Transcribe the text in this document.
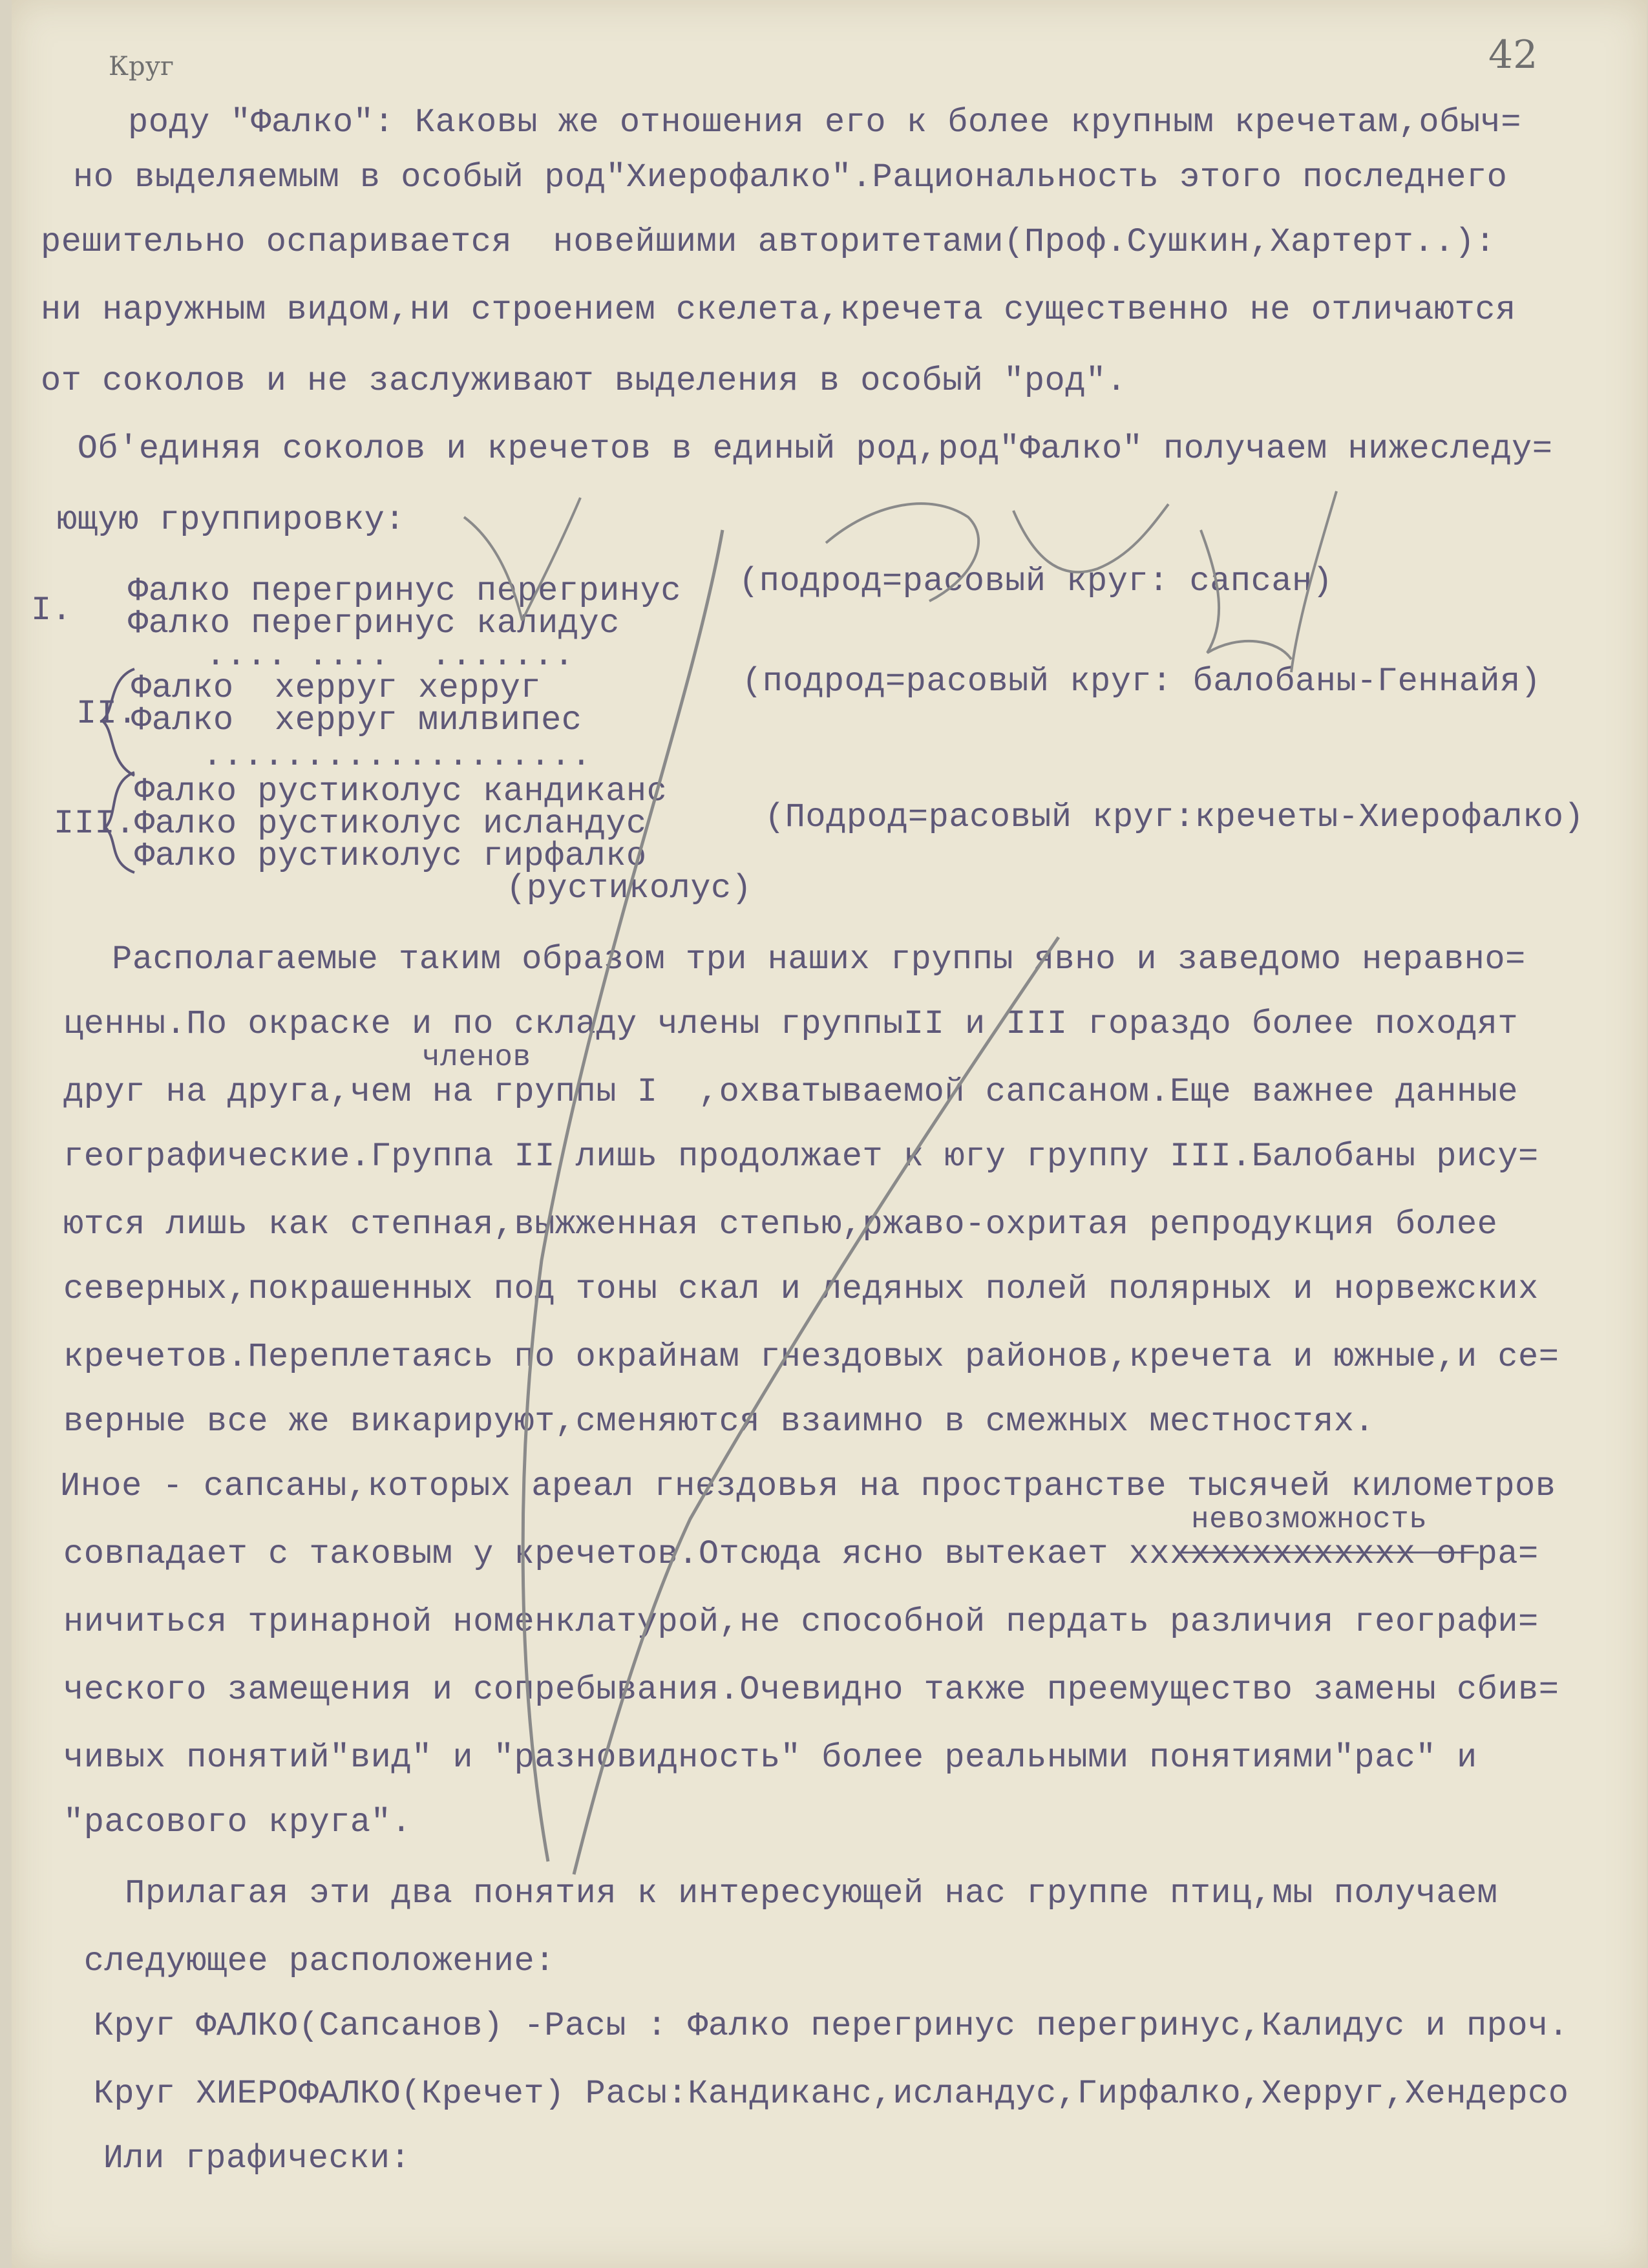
Круг	42
роду "Фалко": Каковы же отношения его к более крупным кречетам,обыч=
но выделяемым в особый род"Хиерофалко".Рациональность этого последнего
решительно оспаривается  новейшими авторитетами(Проф.Сушкин,Хартерт..):
ни наружным видом,ни строением скелета,кречета существенно не отличаются
от соколов и не заслуживают выделения в особый "род".
Об'единяя соколов и кречетов в единый род,род"Фалко" получаем нижеследу=
ющую группировку:
I.
Фалко перегринус перегринус
Фалко перегринус калидус
.... ....  .......
(подрод=расовый круг: сапсан)
II.
Фалко  херруг херруг
Фалко  херруг милвипес
...................
(подрод=расовый круг: балобаны-Геннайя)
III.
Фалко рустиколус кандиканс
Фалко рустиколус исландус
Фалко рустиколус гирфалко
(рустиколус)
(Подрод=расовый круг:кречеты-Хиерофалко)
Располагаемые таким образом три наших группы явно и заведомо неравно=
ценны.По окраске и по складу члены группыII и III гораздо более походят
членов
друг на друга,чем на группы I  ,охватываемой сапсаном.Еще важнее данные
географические.Группа II лишь продолжает к югу группу III.Балобаны рису=
ются лишь как степная,выжженная степью,ржаво-охритая репродукция более
северных,покрашенных под тоны скал и ледяных полей полярных и норвежских
кречетов.Переплетаясь по окрайнам гнездовых районов,кречета и южные,и се=
верные все же викарируют,сменяются взаимно в смежных местностях.
Иное - сапсаны,которых ареал гнездовья на пространстве тысячей километров
невозможность
совпадает с таковым у кречетов.Отсюда ясно вытекает xxxxxxxxxxxxxx огра=
ничиться тринарной номенклатурой,не способной пердать различия географи=
ческого замещения и сопребывания.Очевидно также преемущество замены сбив=
чивых понятий"вид" и "разновидность" более реальными понятиями"рас" и
"расового круга".
Прилагая эти два понятия к интересующей нас группе птиц,мы получаем
следующее расположение:
Круг ФАЛКО(Сапсанов) -Расы : Фалко перегринус перегринус,Калидус и проч.
Круг ХИЕРОФАЛКО(Кречет) Расы:Кандиканс,исландус,Гирфалко,Херруг,Хендерсо
Или графически:
